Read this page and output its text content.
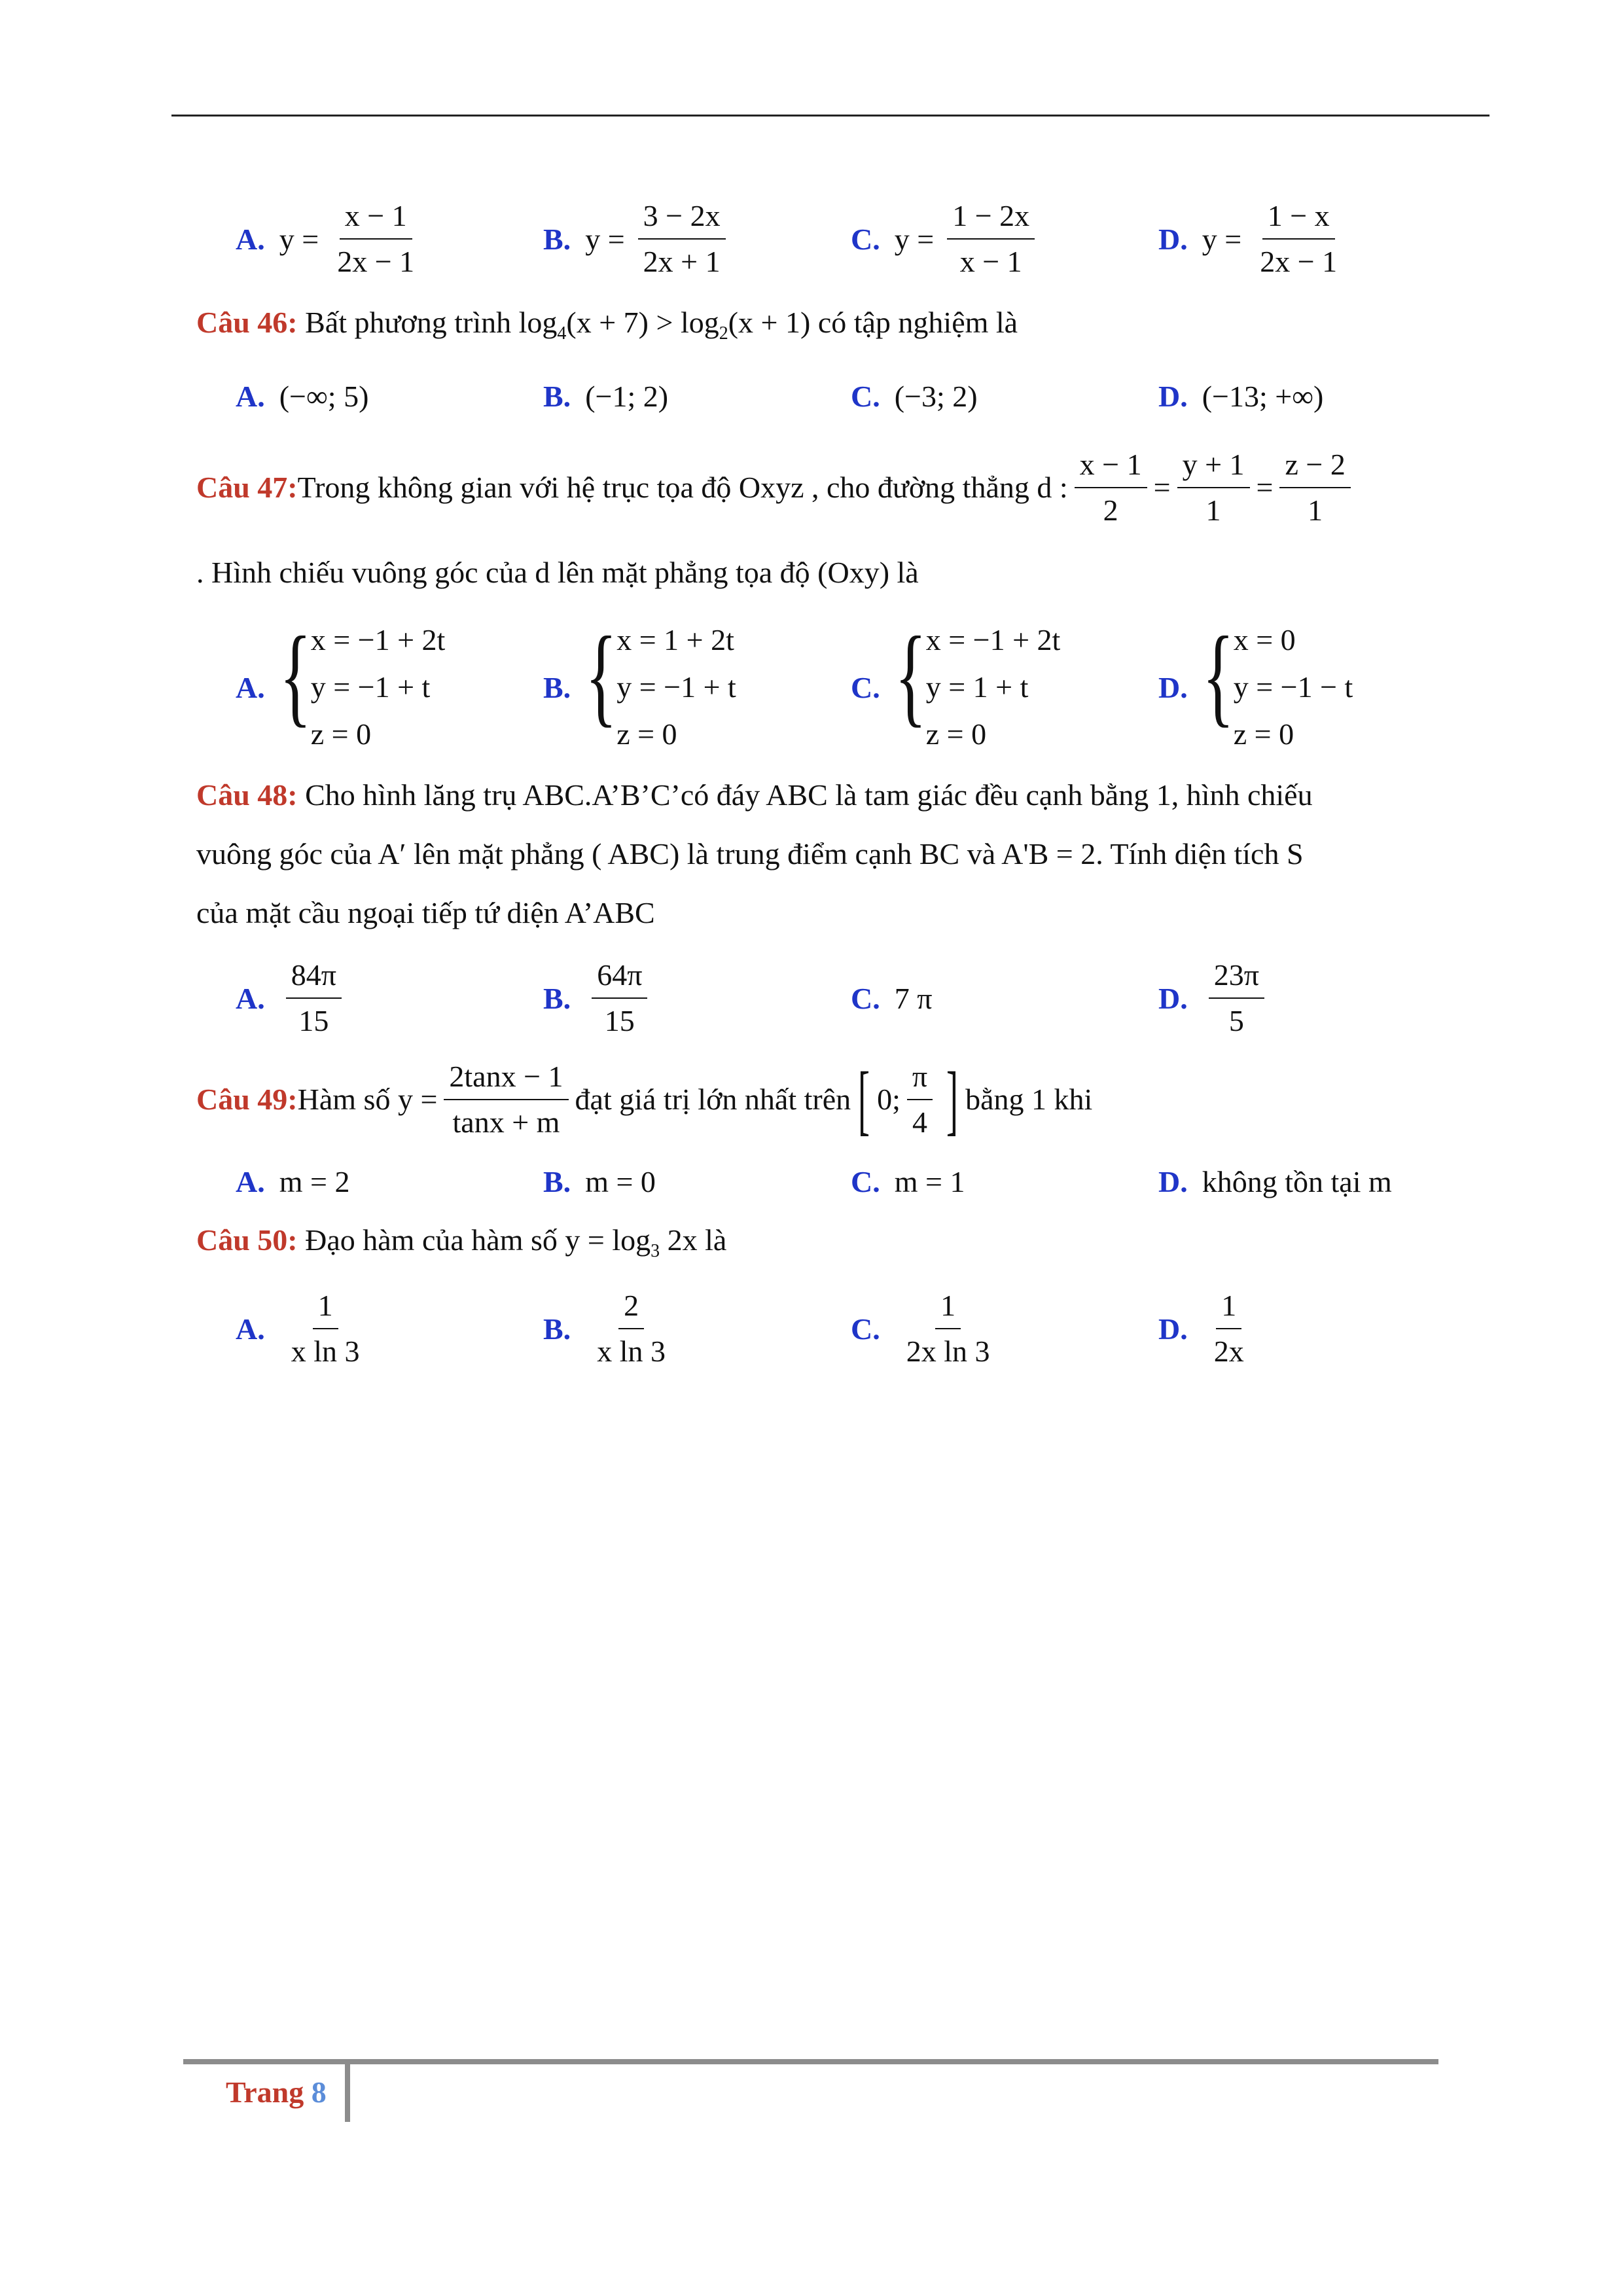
A. $y = \frac{x - 1}{2x - 1}$	B. $y = \frac{3 - 2x}{2x + 1}$	C. $y = \frac{1 - 2x}{x - 1}$	D. $y = \frac{1 - x}{2x - 1}$
Câu 46: Bất phương trình $\log_4(x + 7) > \log_2(x + 1)$ có tập nghiệm là
A. (−∞; 5)	B. (−1; 2)	C. (−3; 2)	D. (−13; +∞)
Câu 47: Trong không gian với hệ trục tọa độ Oxyz , cho đường thẳng d : $\frac{x - 1}{2} = \frac{y + 1}{1} = \frac{z - 2}{1}$
. Hình chiếu vuông góc của d lên mặt phẳng tọa độ (Oxy) là
A. { x = −1 + 2t
y = −1 + t
z = 0
B. { x = 1 + 2t
y = −1 + t
z = 0
C. { x = −1 + 2t
y = 1 + t
z = 0
D. { x = 0
y = −1 − t
z = 0
Câu 48: Cho hình lăng trụ ABC.A’B’C’có đáy ABC là tam giác đều cạnh bằng 1, hình chiếu
vuông góc của A′ lên mặt phẳng ( ABC) là trung điểm cạnh BC và A'B = 2. Tính diện tích S
của mặt cầu ngoại tiếp tứ diện A’ABC
A. $\frac{84\pi}{15}$	B. $\frac{64\pi}{15}$	C. 7 π	D. $\frac{23\pi}{5}$
Câu 49: Hàm số $y = \frac{2\tan x - 1}{\tan x + m}$ đạt giá trị lớn nhất trên [ 0; $\frac{\pi}{4}$ ] bằng 1 khi
A. m = 2	B. m = 0	C. m = 1	D. không tồn tại m
Câu 50: Đạo hàm của hàm số $y = \log_3 2x$ là
A. $\frac{1}{\text{x ln 3}}$	B. $\frac{2}{\text{x ln 3}}$	C. $\frac{1}{\text{2x ln 3}}$	D. $\frac{1}{2x}$
Trang 8
